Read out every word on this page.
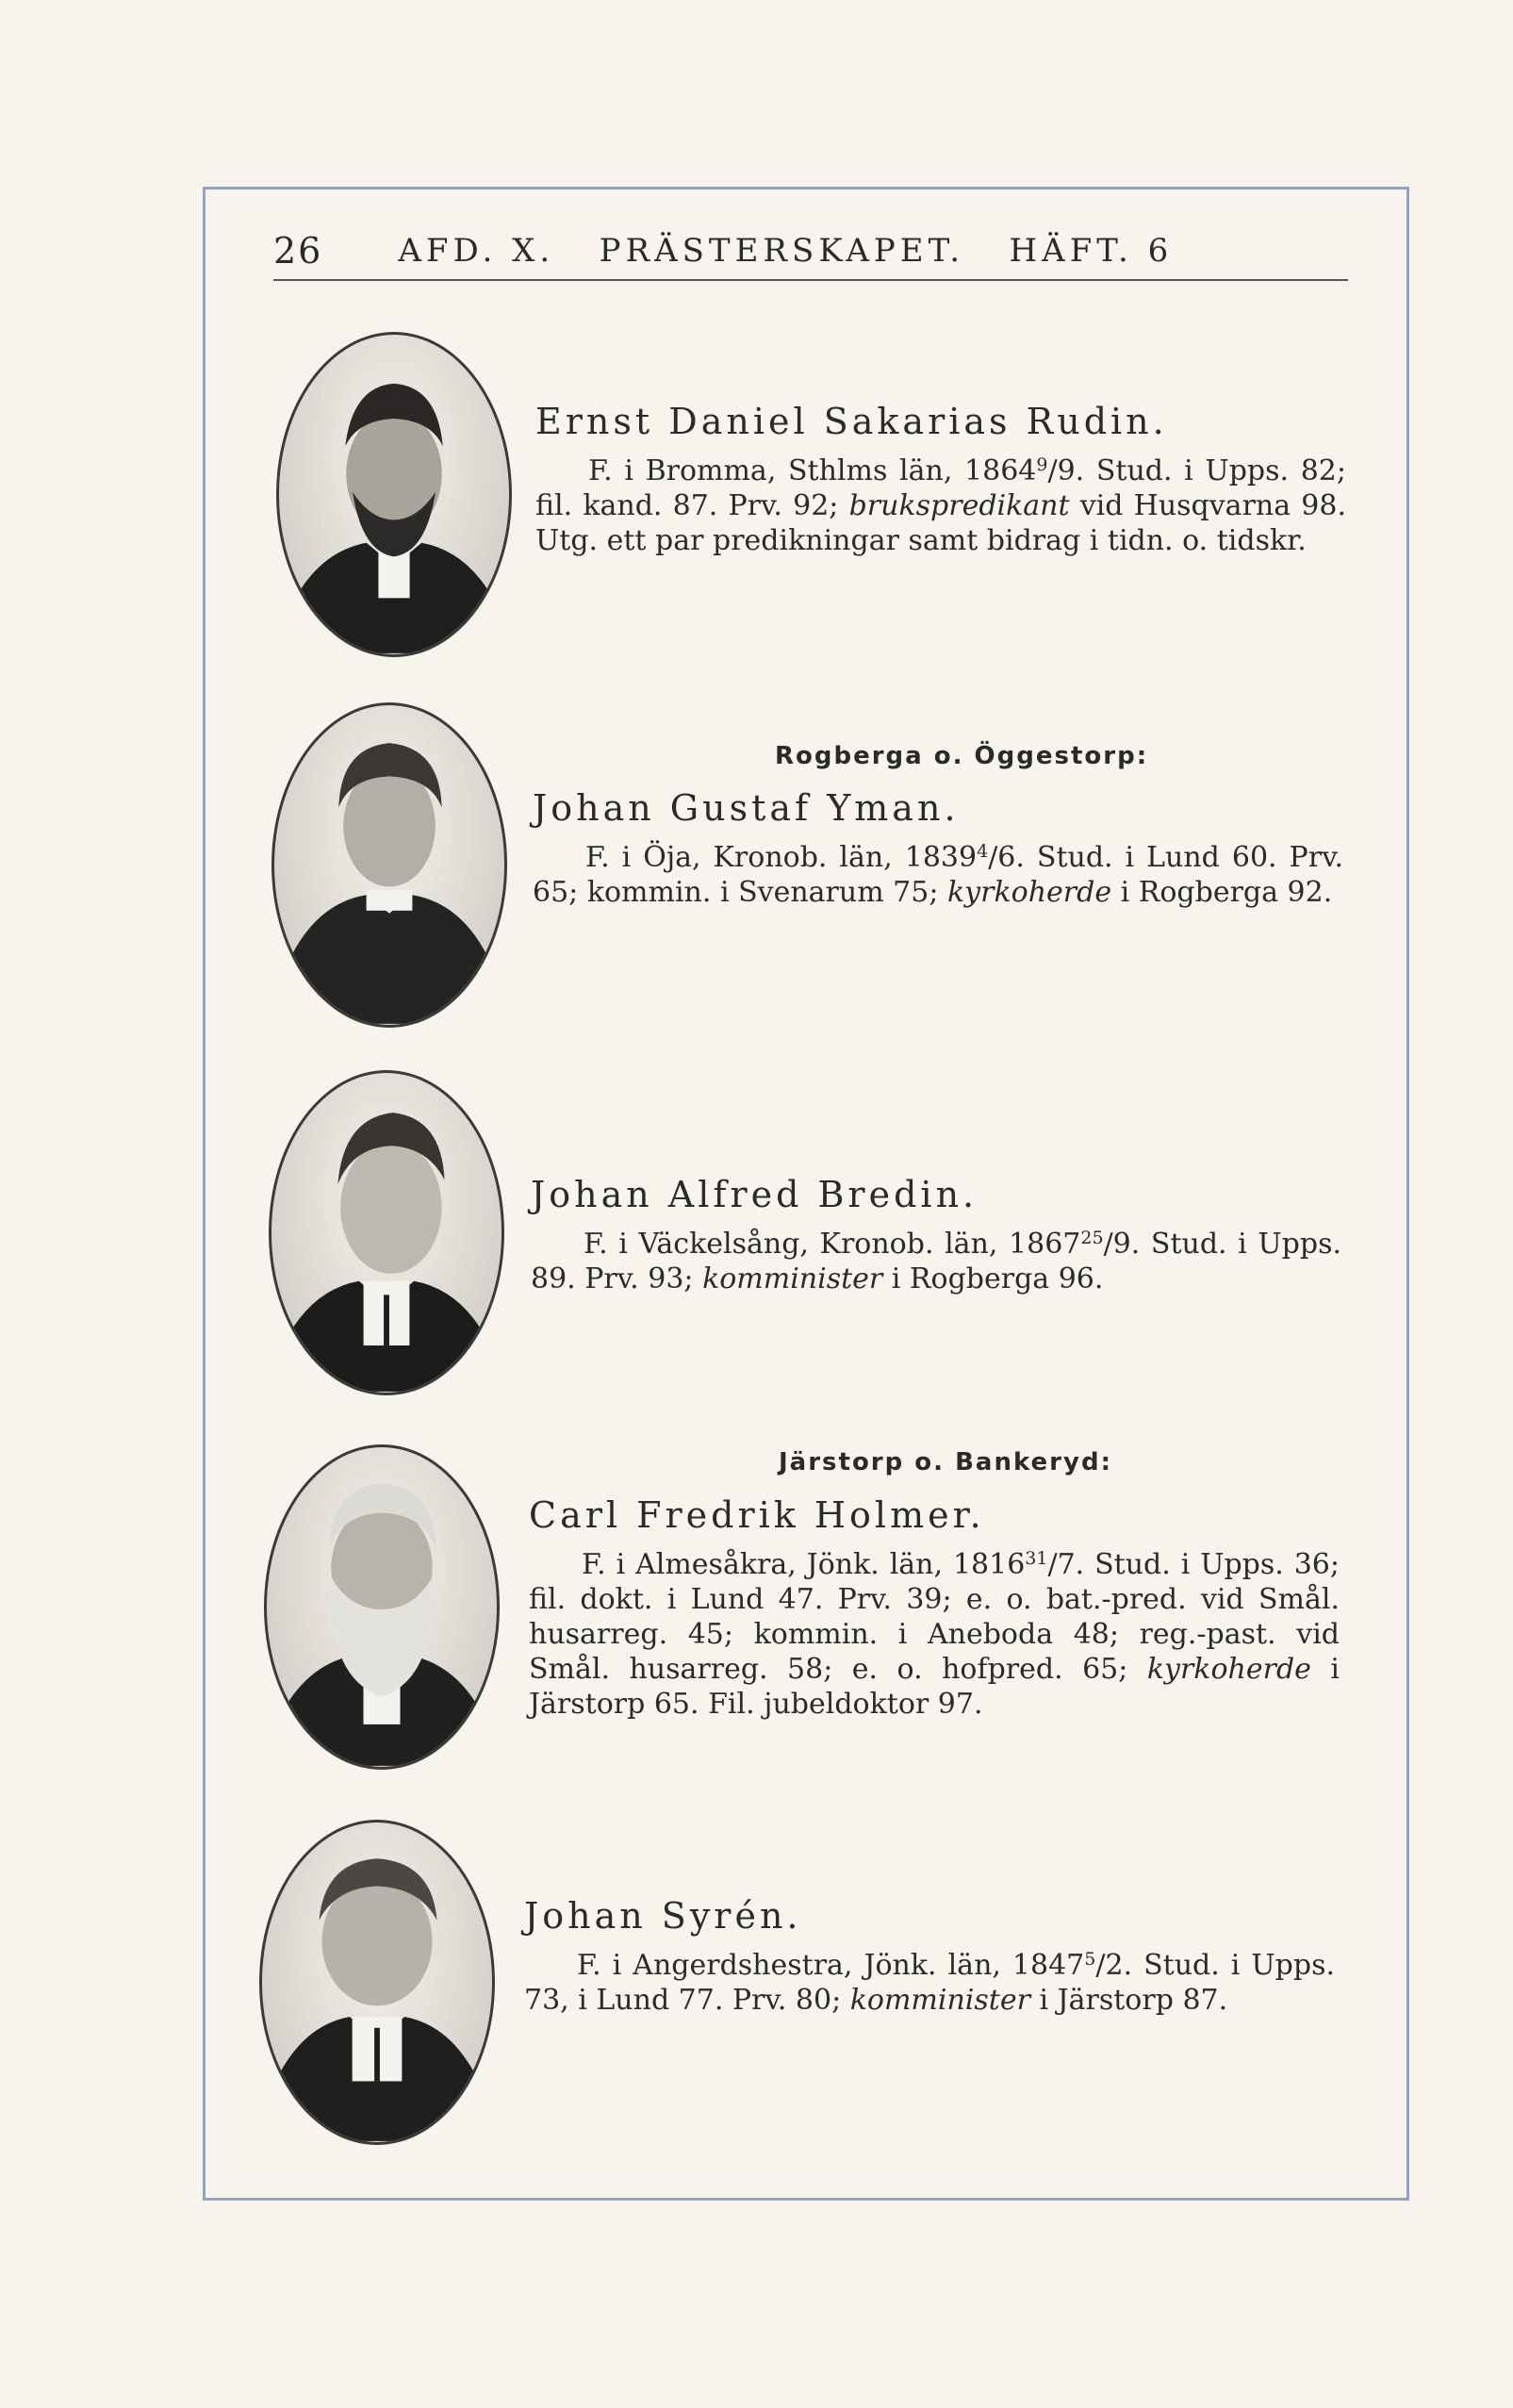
26 AFD. X.   PRÄSTERSKAPET.   HÄFT. 6

Ernst Daniel Sakarias Rudin.

F. i Bromma, Sthlms län, 1864$^9$/9. Stud. i Upps. 82; fil. kand. 87. Prv. 92; brukspredikant vid Husqvarna 98. Utg. ett par predikningar samt bidrag i tidn. o. tidskr.

Rogberga o. Öggestorp:

Johan Gustaf Yman.

F. i Öja, Kronob. län, 1839$^4$/6. Stud. i Lund 60. Prv. 65; kommin. i Svenarum 75; kyrkoherde i Rogberga 92.

Johan Alfred Bredin.

F. i Väckelsång, Kronob. län, 1867$^{25}$/9. Stud. i Upps. 89. Prv. 93; komminister i Rogberga 96.

Järstorp o. Bankeryd:

Carl Fredrik Holmer.

F. i Almesåkra, Jönk. län, 1816$^{31}$/7. Stud. i Upps. 36; fil. dokt. i Lund 47. Prv. 39; e. o. bat.-pred. vid Smål. husarreg. 45; kommin. i Aneboda 48; reg.-past. vid Smål. husarreg. 58; e. o. hofpred. 65; kyrkoherde i Järstorp 65. Fil. jubeldoktor 97.

Johan Syrén.

F. i Angerdshestra, Jönk. län, 1847$^5$/2. Stud. i Upps. 73, i Lund 77. Prv. 80; komminister i Järstorp 87.
